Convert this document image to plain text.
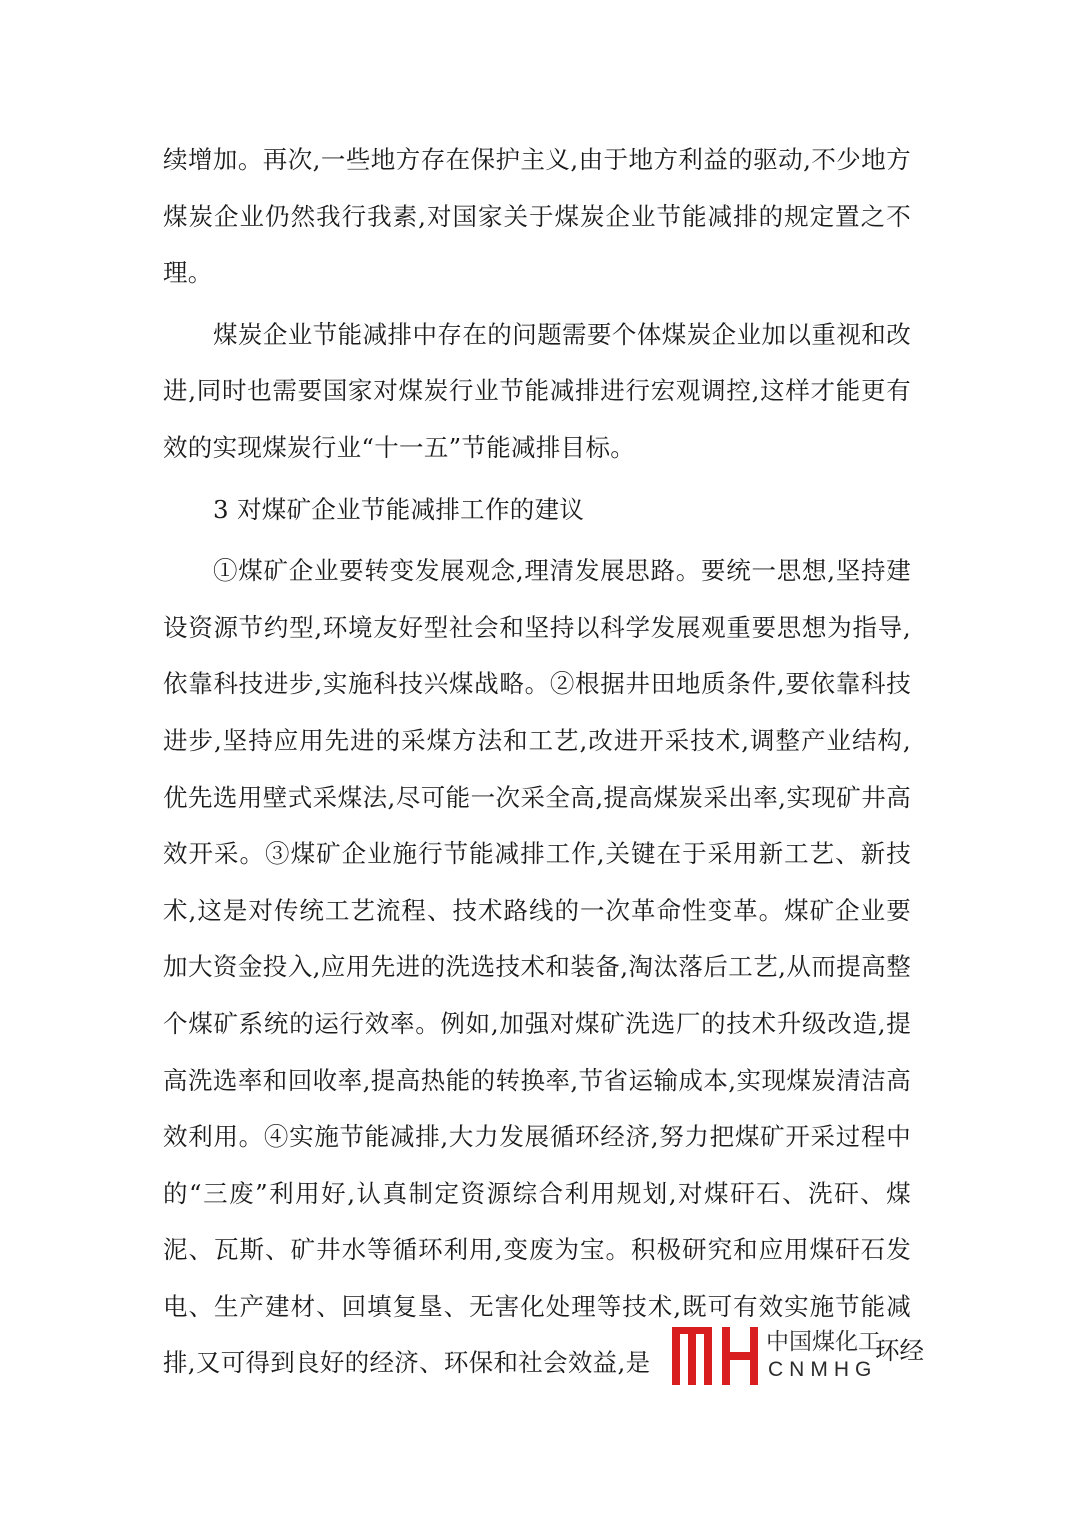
续增加。再次,一些地方存在保护主义,由于地方利益的驱动,不少地方煤炭企业仍然我行我素,对国家关于煤炭企业节能减排的规定置之不理。

煤炭企业节能减排中存在的问题需要个体煤炭企业加以重视和改进,同时也需要国家对煤炭行业节能减排进行宏观调控,这样才能更有效的实现煤炭行业“十一五”节能减排目标。

3 对煤矿企业节能减排工作的建议

①煤矿企业要转变发展观念,理清发展思路。要统一思想,坚持建设资源节约型,环境友好型社会和坚持以科学发展观重要思想为指导,依靠科技进步,实施科技兴煤战略。②根据井田地质条件,要依靠科技进步,坚持应用先进的采煤方法和工艺,改进开采技术,调整产业结构,优先选用壁式采煤法,尽可能一次采全高,提高煤炭采出率,实现矿井高效开采。③煤矿企业施行节能减排工作,关键在于采用新工艺、新技术,这是对传统工艺流程、技术路线的一次革命性变革。煤矿企业要加大资金投入,应用先进的洗选技术和装备,淘汰落后工艺,从而提高整个煤矿系统的运行效率。例如,加强对煤矿洗选厂的技术升级改造,提高洗选率和回收率,提高热能的转换率,节省运输成本,实现煤炭清洁高效利用。④实施节能减排,大力发展循环经济,努力把煤矿开采过程中的“三废”利用好,认真制定资源综合利用规划,对煤矸石、洗矸、煤泥、瓦斯、矿井水等循环利用,变废为宝。积极研究和应用煤矸石发电、生产建材、回填复垦、无害化处理等技术,既可有效实施节能减排,又可得到良好的经济、环保和社会效益,是

中国煤化工
CNMHG
环经
